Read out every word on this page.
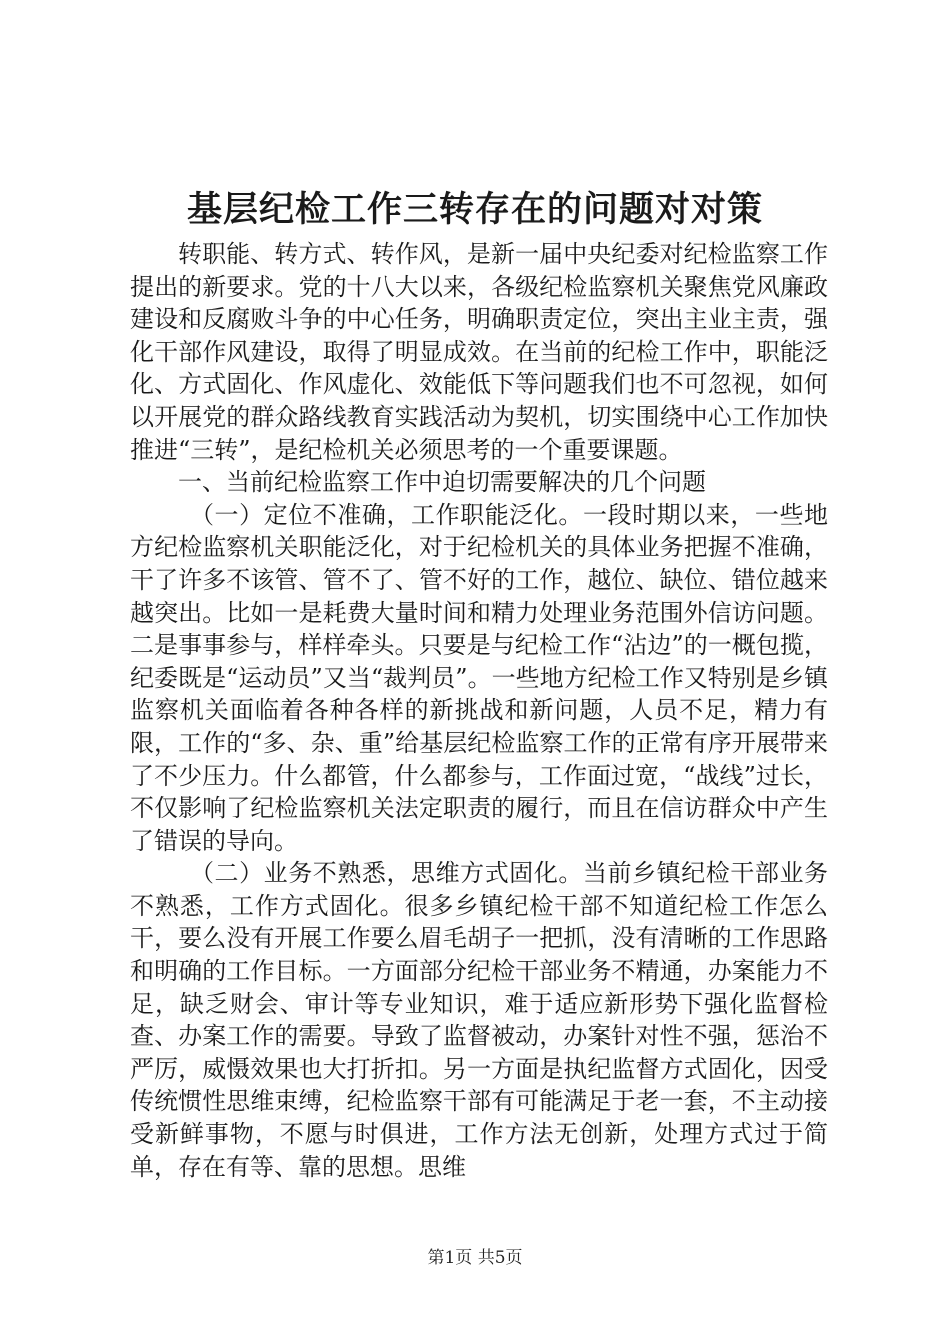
基层纪检工作三转存在的问题对对策

转职能、转方式、转作风，是新一届中央纪委对纪检监察工作提出的新要求。党的十八大以来，各级纪检监察机关聚焦党风廉政建设和反腐败斗争的中心任务，明确职责定位，突出主业主责，强化干部作风建设，取得了明显成效。在当前的纪检工作中，职能泛化、方式固化、作风虚化、效能低下等问题我们也不可忽视，如何以开展党的群众路线教育实践活动为契机，切实围绕中心工作加快推进“三转”，是纪检机关必须思考的一个重要课题。

一、当前纪检监察工作中迫切需要解决的几个问题

（一）定位不准确，工作职能泛化。一段时期以来，一些地方纪检监察机关职能泛化，对于纪检机关的具体业务把握不准确，干了许多不该管、管不了、管不好的工作，越位、缺位、错位越来越突出。比如一是耗费大量时间和精力处理业务范围外信访问题。二是事事参与，样样牵头。只要是与纪检工作“沾边”的一概包揽，纪委既是“运动员”又当“裁判员”。一些地方纪检工作又特别是乡镇监察机关面临着各种各样的新挑战和新问题，人员不足，精力有限，工作的“多、杂、重”给基层纪检监察工作的正常有序开展带来了不少压力。什么都管，什么都参与，工作面过宽，“战线”过长，不仅影响了纪检监察机关法定职责的履行，而且在信访群众中产生了错误的导向。

（二）业务不熟悉，思维方式固化。当前乡镇纪检干部业务不熟悉，工作方式固化。很多乡镇纪检干部不知道纪检工作怎么干，要么没有开展工作要么眉毛胡子一把抓，没有清晰的工作思路和明确的工作目标。一方面部分纪检干部业务不精通，办案能力不足，缺乏财会、审计等专业知识，难于适应新形势下强化监督检查、办案工作的需要。导致了监督被动，办案针对性不强，惩治不严厉，威慑效果也大打折扣。另一方面是执纪监督方式固化，因受传统惯性思维束缚，纪检监察干部有可能满足于老一套，不主动接受新鲜事物，不愿与时俱进，工作方法无创新，处理方式过于简单，存在有等、靠的思想。思维

第1页 共5页
